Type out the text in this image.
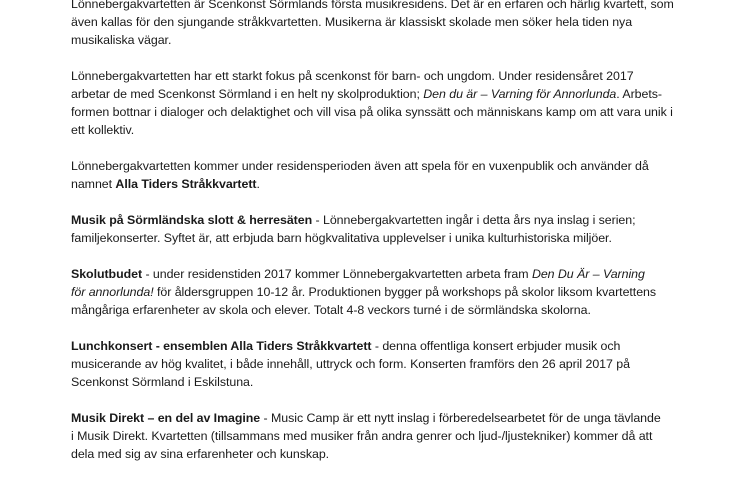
Lönnebergakvartetten är Scenkonst Sörmlands första musikresidens. Det är en erfaren och härlig kvartett, som
även kallas för den sjungande stråkkvartetten. Musikerna är klassiskt skolade men söker hela tiden nya
musikaliska vägar.

Lönnebergakvartetten har ett starkt fokus på scenkonst för barn- och ungdom. Under residensåret 2017
arbetar de med Scenkonst Sörmland i en helt ny skolproduktion; Den du är – Varning för Annorlunda. Arbets-
formen bottnar i dialoger och delaktighet och vill visa på olika synssätt och människans kamp om att vara unik i
ett kollektiv.

Lönnebergakvartetten kommer under residensperioden även att spela för en vuxenpublik och använder då
namnet Alla Tiders Stråkkvartett.

Musik på Sörmländska slott & herresäten - Lönnebergakvartetten ingår i detta års nya inslag i serien;
familjekonserter. Syftet är, att erbjuda barn högkvalitativa upplevelser i unika kulturhistoriska miljöer.

Skolutbudet - under residenstiden 2017 kommer Lönnebergakvartetten arbeta fram Den Du Är – Varning
för annorlunda! för åldersgruppen 10-12 år. Produktionen bygger på workshops på skolor liksom kvartettens
mångåriga erfarenheter av skola och elever. Totalt 4-8 veckors turné i de sörmländska skolorna.

Lunchkonsert - ensemblen Alla Tiders Stråkkvartett - denna offentliga konsert erbjuder musik och
musicerande av hög kvalitet, i både innehåll, uttryck och form. Konserten framförs den 26 april 2017 på
Scenkonst Sörmland i Eskilstuna.

Musik Direkt – en del av Imagine - Music Camp är ett nytt inslag i förberedelsearbetet för de unga tävlande
i Musik Direkt. Kvartetten (tillsammans med musiker från andra genrer och ljud-/ljustekniker) kommer då att
dela med sig av sina erfarenheter och kunskap.
